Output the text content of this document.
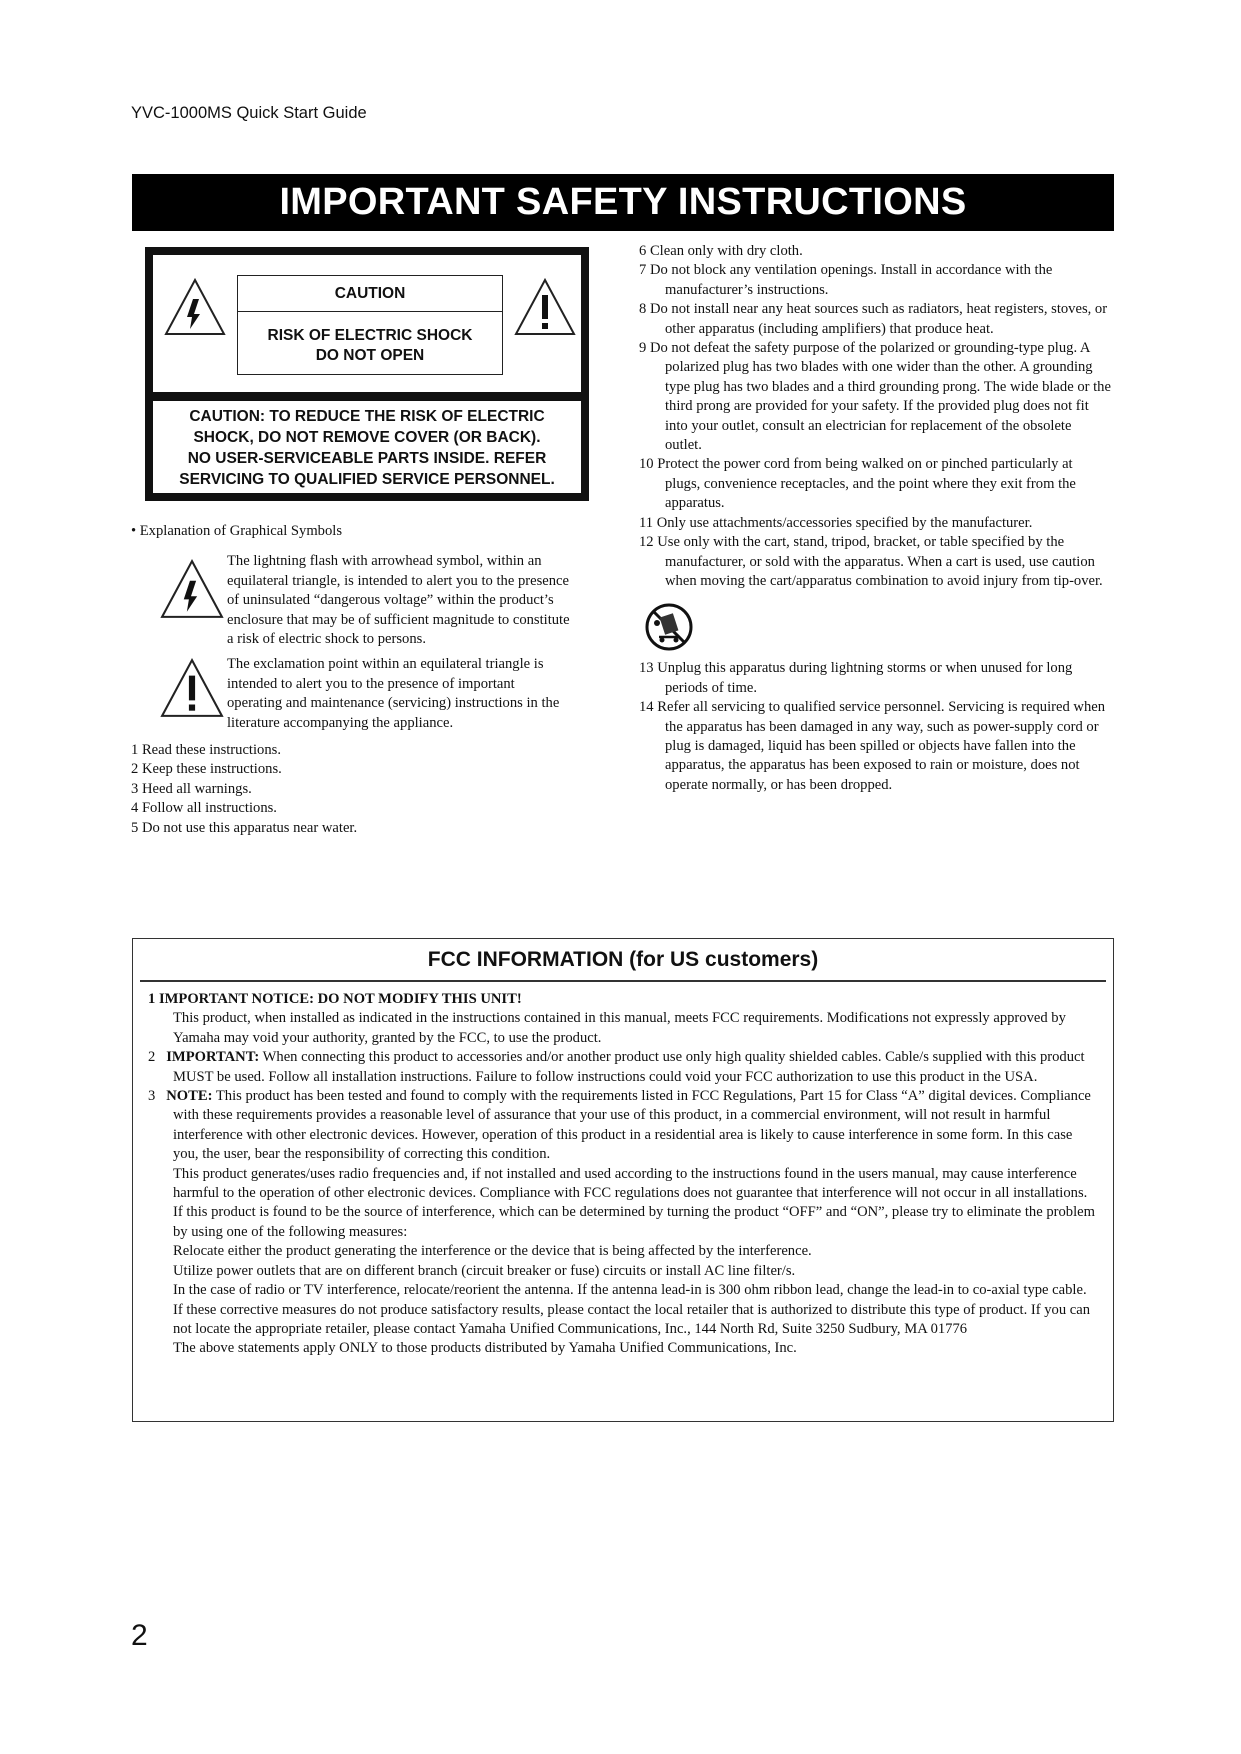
YVC-1000MS Quick Start Guide
IMPORTANT SAFETY INSTRUCTIONS
CAUTION
RISK OF ELECTRIC SHOCK
DO NOT OPEN
CAUTION: TO REDUCE THE RISK OF ELECTRIC
SHOCK, DO NOT REMOVE COVER (OR BACK).
NO USER-SERVICEABLE PARTS INSIDE. REFER
SERVICING TO QUALIFIED SERVICE PERSONNEL.
• Explanation of Graphical Symbols
The lightning flash with arrowhead symbol, within an equilateral triangle, is intended to alert you to the presence of uninsulated “dangerous voltage” within the product’s enclosure that may be of sufficient magnitude to constitute a risk of electric shock to persons.
The exclamation point within an equilateral triangle is intended to alert you to the presence of important operating and maintenance (servicing) instructions in the literature accompanying the appliance.
1 Read these instructions.
2 Keep these instructions.
3 Heed all warnings.
4 Follow all instructions.
5 Do not use this apparatus near water.
6 Clean only with dry cloth.
7 Do not block any ventilation openings. Install in accordance with the manufacturer’s instructions.
8 Do not install near any heat sources such as radiators, heat registers, stoves, or other apparatus (including amplifiers) that produce heat.
9 Do not defeat the safety purpose of the polarized or grounding-type plug. A polarized plug has two blades with one wider than the other. A grounding type plug has two blades and a third grounding prong. The wide blade or the third prong are provided for your safety. If the provided plug does not fit into your outlet, consult an electrician for replacement of the obsolete outlet.
10 Protect the power cord from being walked on or pinched particularly at plugs, convenience receptacles, and the point where they exit from the apparatus.
11 Only use attachments/accessories specified by the manufacturer.
12 Use only with the cart, stand, tripod, bracket, or table specified by the manufacturer, or sold with the apparatus. When a cart is used, use caution when moving the cart/apparatus combination to avoid injury from tip-over.
13 Unplug this apparatus during lightning storms or when unused for long periods of time.
14 Refer all servicing to qualified service personnel. Servicing is required when the apparatus has been damaged in any way, such as power-supply cord or plug is damaged, liquid has been spilled or objects have fallen into the apparatus, the apparatus has been exposed to rain or moisture, does not operate normally, or has been dropped.
FCC INFORMATION (for US customers)
1 IMPORTANT NOTICE: DO NOT MODIFY THIS UNIT!
This product, when installed as indicated in the instructions contained in this manual, meets FCC requirements. Modifications not expressly approved by Yamaha may void your authority, granted by the FCC, to use the product.
2 IMPORTANT: When connecting this product to accessories and/or another product use only high quality shielded cables. Cable/s supplied with this product MUST be used. Follow all installation instructions. Failure to follow instructions could void your FCC authorization to use this product in the USA.
3 NOTE: This product has been tested and found to comply with the requirements listed in FCC Regulations, Part 15 for Class “A” digital devices. Compliance with these requirements provides a reasonable level of assurance that your use of this product, in a commercial environment, will not result in harmful interference with other electronic devices. However, operation of this product in a residential area is likely to cause interference in some form. In this case you, the user, bear the responsibility of correcting this condition.
This product generates/uses radio frequencies and, if not installed and used according to the instructions found in the users manual, may cause interference harmful to the operation of other electronic devices. Compliance with FCC regulations does not guarantee that interference will not occur in all installations. If this product is found to be the source of interference, which can be determined by turning the product “OFF” and “ON”, please try to eliminate the problem by using one of the following measures:
Relocate either the product generating the interference or the device that is being affected by the interference.
Utilize power outlets that are on different branch (circuit breaker or fuse) circuits or install AC line filter/s.
In the case of radio or TV interference, relocate/reorient the antenna. If the antenna lead-in is 300 ohm ribbon lead, change the lead-in to co-axial type cable.
If these corrective measures do not produce satisfactory results, please contact the local retailer that is authorized to distribute this type of product. If you can not locate the appropriate retailer, please contact Yamaha Unified Communications, Inc., 144 North Rd, Suite 3250 Sudbury, MA 01776
The above statements apply ONLY to those products distributed by Yamaha Unified Communications, Inc.
2
